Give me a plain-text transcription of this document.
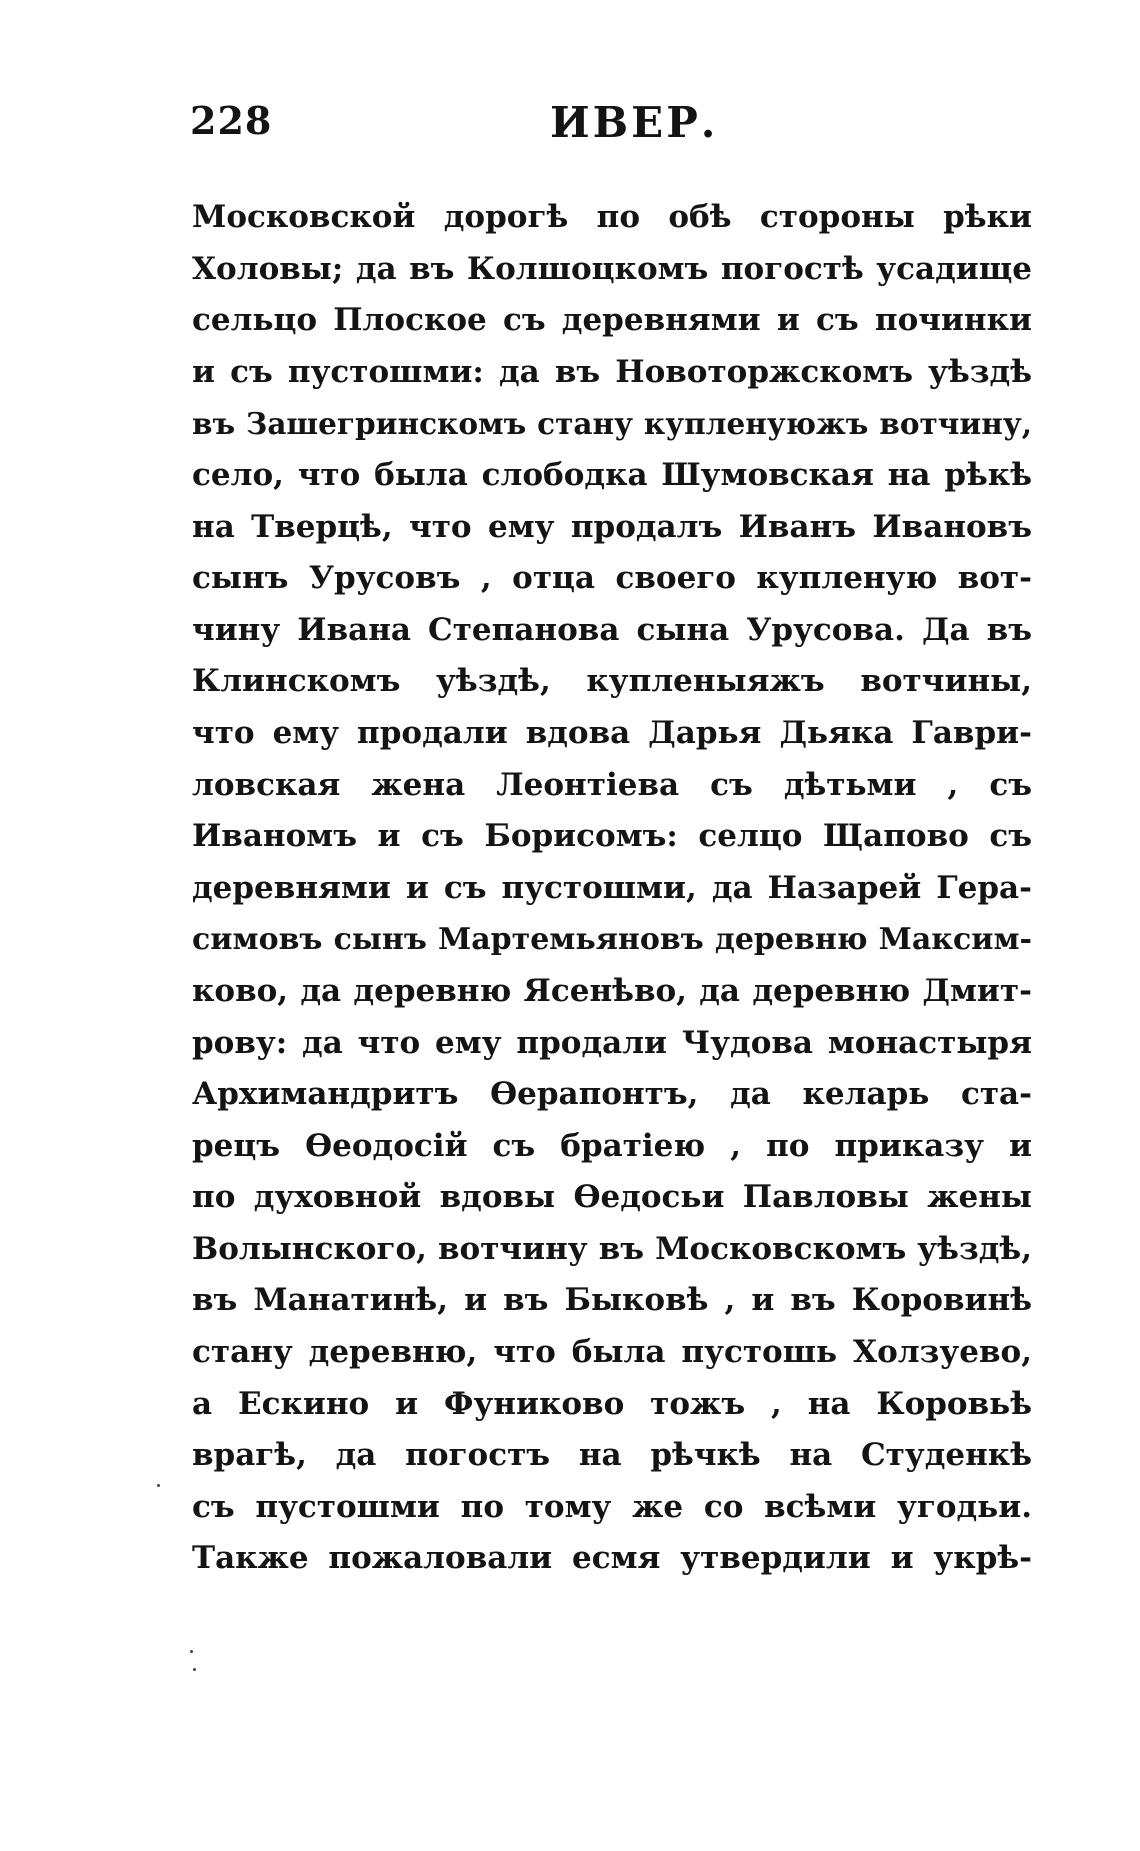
228	ИВЕР.
Московской дорогѣ по обѣ стороны рѣки
Холовы; да въ Колшоцкомъ погостѣ усадище
сельцо Плоское съ деревнями и съ починки
и съ пустошми: да въ Новоторжскомъ уѣздѣ
въ Зашегринскомъ стану купленуюжъ вотчину,
село, что была слободка Шумовская на рѣкѣ
на Тверцѣ, что ему продалъ Иванъ Ивановъ
сынъ Урусовъ , отца своего купленую вот-
чину Ивана Степанова сына Урусова. Да въ
Клинскомъ уѣздѣ, купленыяжъ вотчины,
что ему продали вдова Дарья Дьяка Гаври-
ловская жена Леонтіева съ дѣтьми , съ
Иваномъ и съ Борисомъ: селцо Щапово съ
деревнями и съ пустошми, да Назарей Гера-
симовъ сынъ Мартемьяновъ деревню Максим-
ково, да деревню Ясенѣво, да деревню Дмит-
рову: да что ему продали Чудова монастыря
Архимандритъ Ѳерапонтъ, да келарь ста-
рецъ Ѳеодосій съ братіею , по приказу и
по духовной вдовы Ѳедосьи Павловы жены
Волынского, вотчину въ Московскомъ уѣздѣ,
въ Манатинѣ, и въ Быковѣ , и въ Коровинѣ
стану деревню, что была пустошь Холзуево,
а Ескино и Фуниково тожъ , на Коровьѣ
врагѣ, да погостъ на рѣчкѣ на Студенкѣ
съ пустошми по тому же со всѣми угодьи.
Также пожаловали есмя утвердили и укрѣ-
